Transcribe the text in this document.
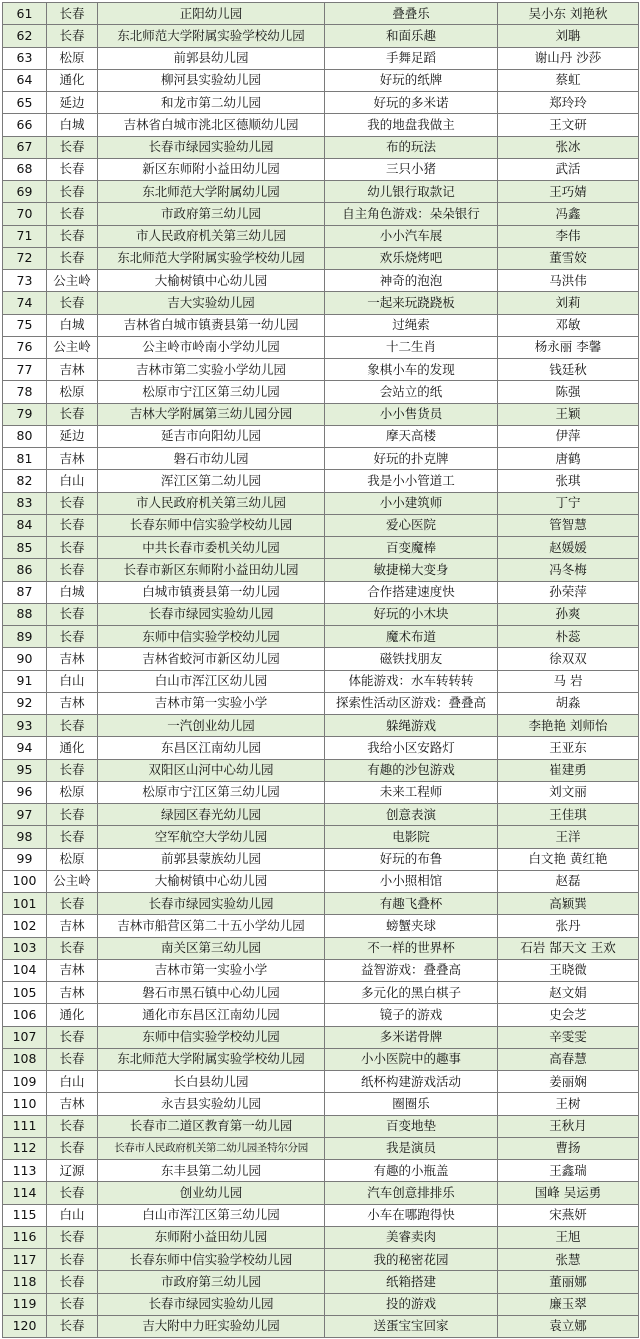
61	长春	正阳幼儿园	叠叠乐	吴小东 刘艳秋
62	长春	东北师范大学附属实验学校幼儿园	和面乐趣	刘聃
63	松原	前郭县幼儿园	手舞足蹈	谢山丹 沙莎
64	通化	柳河县实验幼儿园	好玩的纸牌	蔡虹
65	延边	和龙市第二幼儿园	好玩的多米诺	郑玲玲
66	白城	吉林省白城市洮北区德顺幼儿园	我的地盘我做主	王文研
67	长春	长春市绿园实验幼儿园	布的玩法	张冰
68	长春	新区东师附小益田幼儿园	三只小猪	武活
69	长春	东北师范大学附属幼儿园	幼儿银行取款记	王巧婧
70	长春	市政府第三幼儿园	自主角色游戏：朵朵银行	冯鑫
71	长春	市人民政府机关第三幼儿园	小小汽车展	李伟
72	长春	东北师范大学附属实验学校幼儿园	欢乐烧烤吧	董雪姣
73	公主岭	大榆树镇中心幼儿园	神奇的泡泡	马洪伟
74	长春	吉大实验幼儿园	一起来玩跷跷板	刘莉
75	白城	吉林省白城市镇赉县第一幼儿园	过绳索	邓敏
76	公主岭	公主岭市岭南小学幼儿园	十二生肖	杨永丽 李馨
77	吉林	吉林市第二实验小学幼儿园	象棋小车的发现	钱廷秋
78	松原	松原市宁江区第三幼儿园	会站立的纸	陈强
79	长春	吉林大学附属第三幼儿园分园	小小售货员	王颖
80	延边	延吉市向阳幼儿园	摩天高楼	伊萍
81	吉林	磐石市幼儿园	好玩的扑克牌	唐鹤
82	白山	浑江区第二幼儿园	我是小小管道工	张琪
83	长春	市人民政府机关第三幼儿园	小小建筑师	丁宁
84	长春	长春东师中信实验学校幼儿园	爱心医院	管智慧
85	长春	中共长春市委机关幼儿园	百变魔棒	赵媛媛
86	长春	长春市新区东师附小益田幼儿园	敏捷梯大变身	冯冬梅
87	白城	白城市镇赉县第一幼儿园	合作搭建速度快	孙荣萍
88	长春	长春市绿园实验幼儿园	好玩的小木块	孙爽
89	长春	东师中信实验学校幼儿园	魔术布道	朴蕊
90	吉林	吉林省蛟河市新区幼儿园	磁铁找朋友	徐双双
91	白山	白山市浑江区幼儿园	体能游戏：水车转转转	马 岩
92	吉林	吉林市第一实验小学	探索性活动区游戏：叠叠高	胡淼
93	长春	一汽创业幼儿园	躲绳游戏	李艳艳 刘师怡
94	通化	东昌区江南幼儿园	我给小区安路灯	王亚东
95	长春	双阳区山河中心幼儿园	有趣的沙包游戏	崔建勇
96	松原	松原市宁江区第三幼儿园	未来工程师	刘文丽
97	长春	绿园区春光幼儿园	创意表演	王佳琪
98	长春	空军航空大学幼儿园	电影院	王洋
99	松原	前郭县蒙族幼儿园	好玩的布鲁	白文艳 黄红艳
100	公主岭	大榆树镇中心幼儿园	小小照相馆	赵磊
101	长春	长春市绿园实验幼儿园	有趣飞叠杯	高颖巽
102	吉林	吉林市船营区第二十五小学幼儿园	螃蟹夹球	张丹
103	长春	南关区第三幼儿园	不一样的世界杯	石岩 郜天文 王欢
104	吉林	吉林市第一实验小学	益智游戏：叠叠高	王晓微
105	吉林	磐石市黑石镇中心幼儿园	多元化的黑白棋子	赵文娟
106	通化	通化市东昌区江南幼儿园	镜子的游戏	史会芝
107	长春	东师中信实验学校幼儿园	多米诺骨牌	辛雯雯
108	长春	东北师范大学附属实验学校幼儿园	小小医院中的趣事	高春慧
109	白山	长白县幼儿园	纸杯构建游戏活动	姜丽娴
110	吉林	永吉县实验幼儿园	圈圈乐	王树
111	长春	长春市二道区教育第一幼儿园	百变地垫	王秋月
112	长春	长春市人民政府机关第二幼儿园圣特尔分园	我是演员	曹扬
113	辽源	东丰县第二幼儿园	有趣的小瓶盖	王鑫瑞
114	长春	创业幼儿园	汽车创意排排乐	国峰 吴运勇
115	白山	白山市浑江区第三幼儿园	小车在哪跑得快	宋燕妍
116	长春	东师附小益田幼儿园	美睿卖肉	王旭
117	长春	长春东师中信实验学校幼儿园	我的秘密花园	张慧
118	长春	市政府第三幼儿园	纸箱搭建	董丽娜
119	长春	长春市绿园实验幼儿园	投的游戏	廉玉翠
120	长春	吉大附中力旺实验幼儿园	送蛋宝宝回家	袁立娜
